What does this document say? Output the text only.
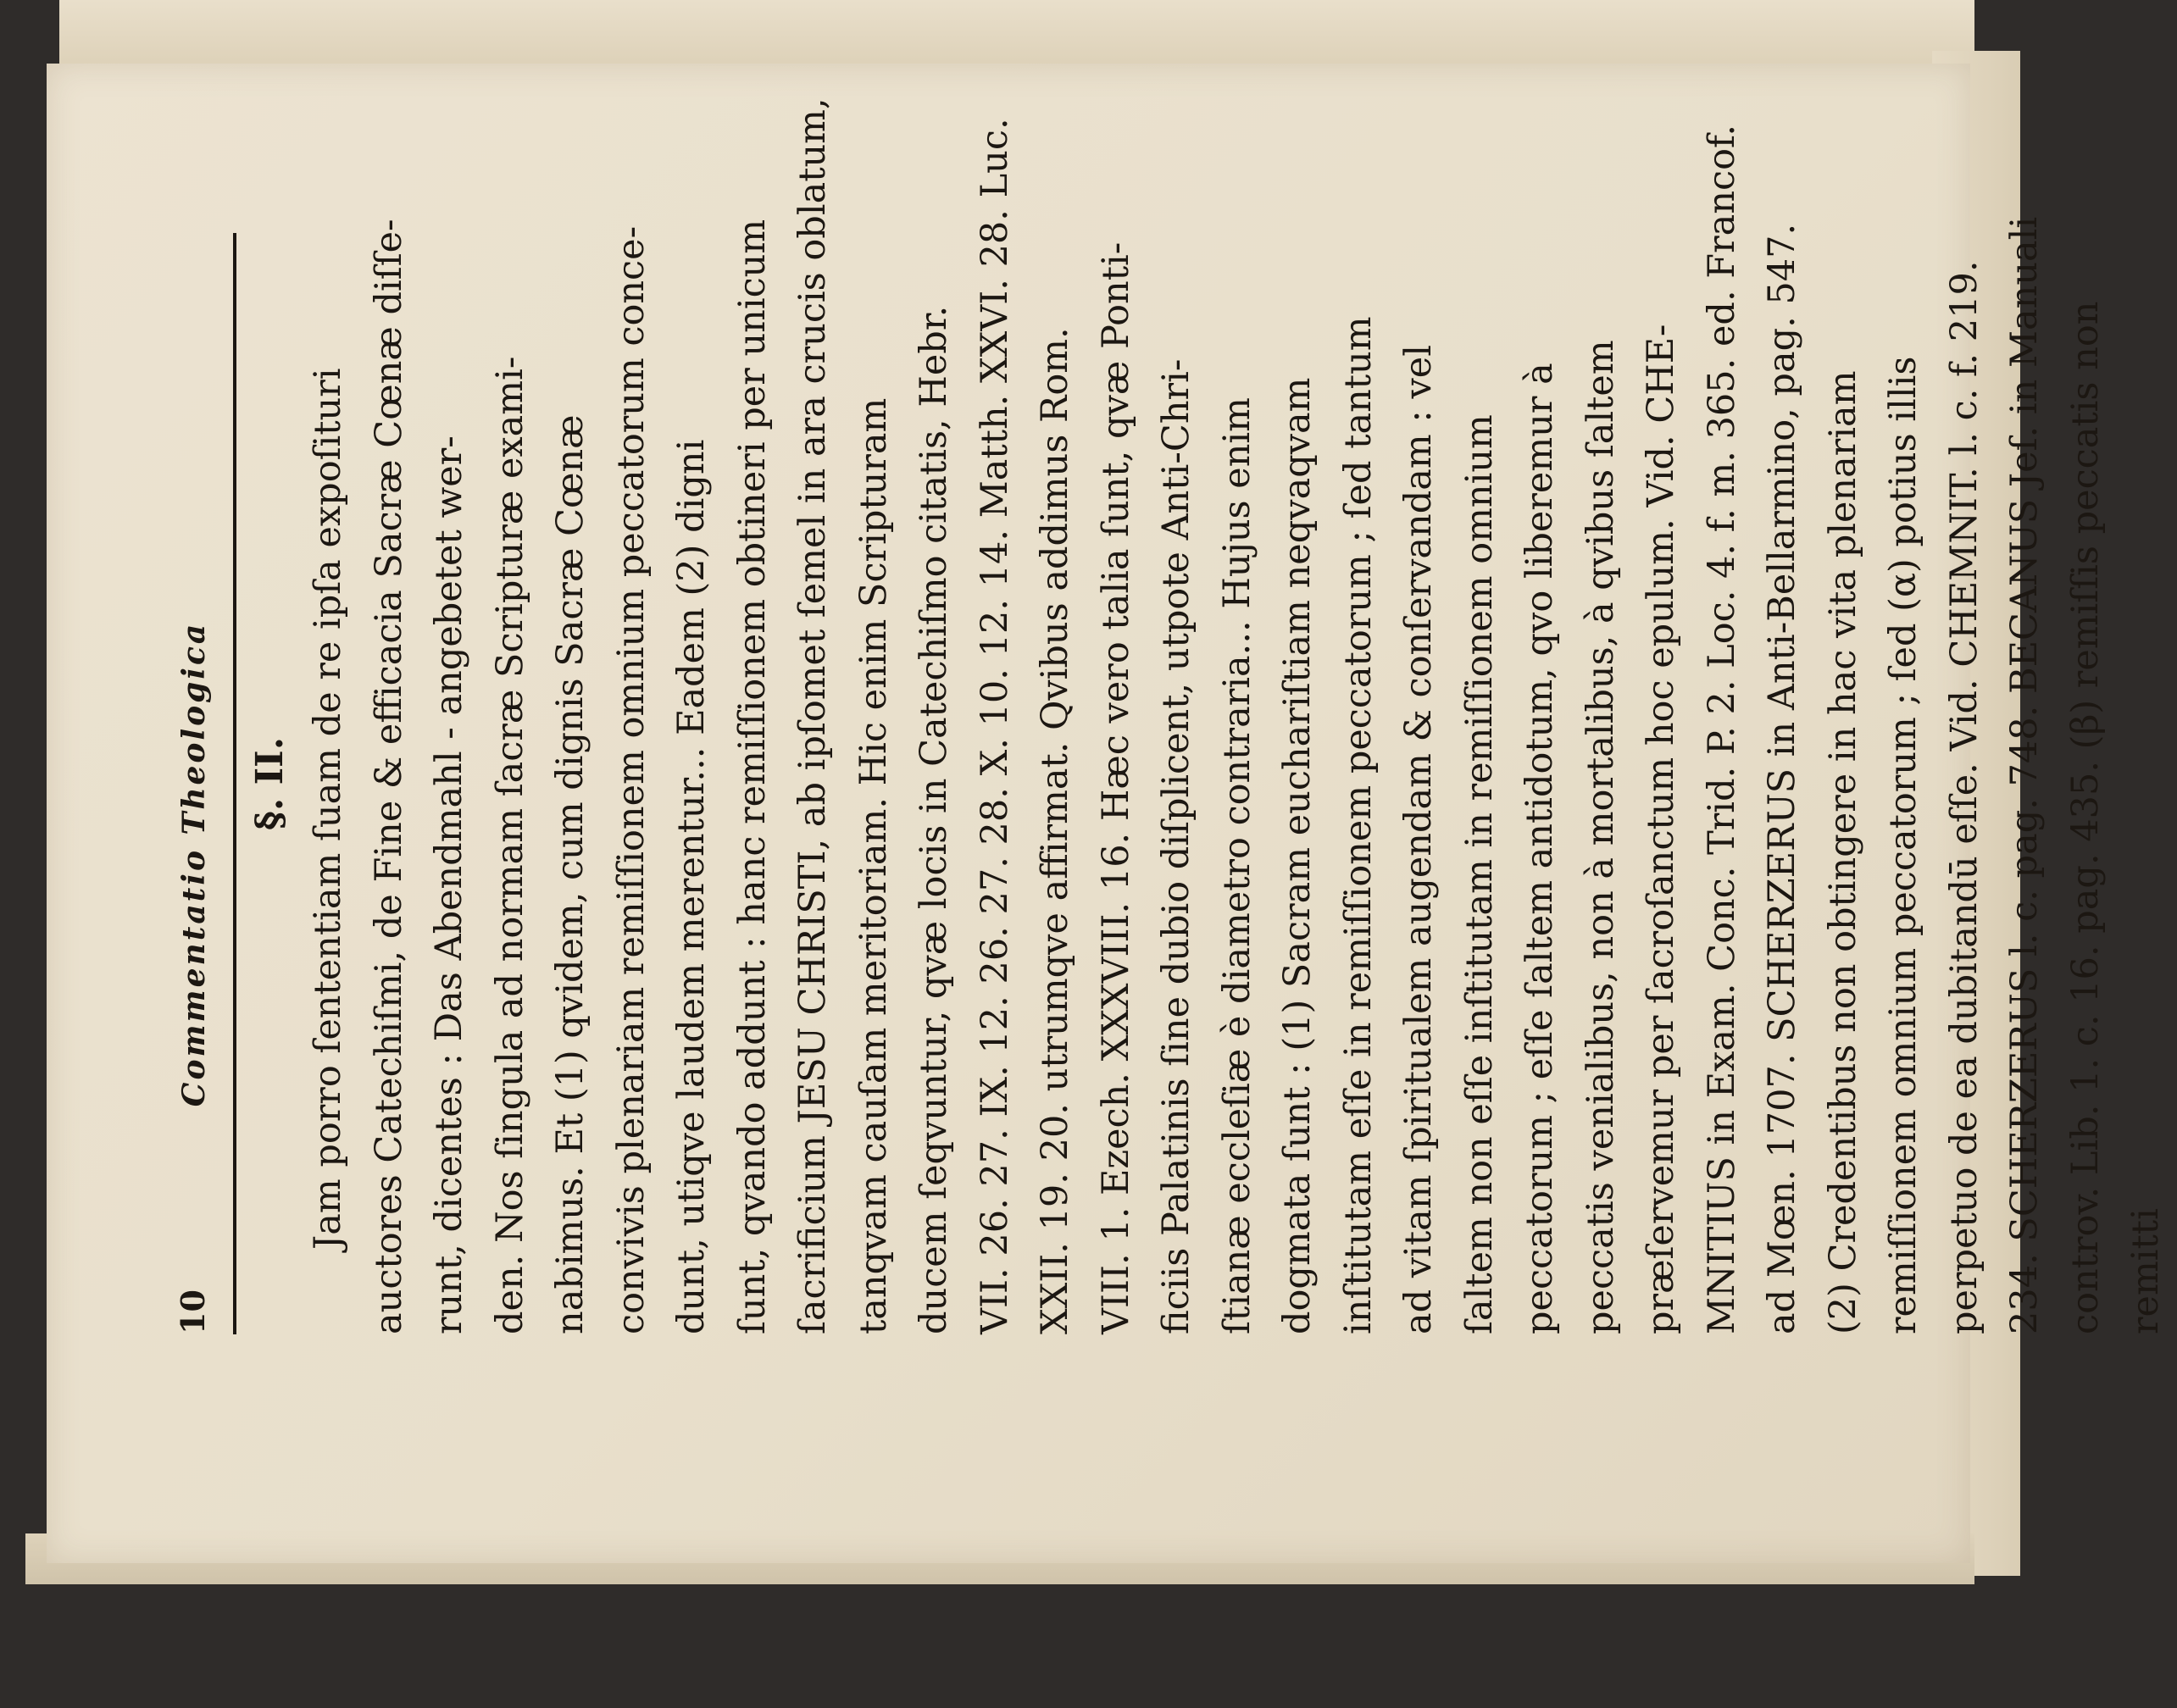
10
Commentatio Theologica §. II. Jam porro ſententiam ſuam de re ipſa expoſituri auctores Catechiſmi, de Fine & efficacia Sacræ Cœnæ diſſe- runt, dicentes : Das Abendmahl - angebetet wer- den. Nos ſingula ad normam ſacræ Scripturæ exami- nabimus. Et (1) qvidem, cum dignis Sacræ Cœnæ convivis plenariam remiſſionem omnium peccatorum conce- dunt, utiqve laudem merentur... Eadem (2) digni ſunt, qvando addunt : hanc remiſſionem obtineri per unicum ſacrificium JESU CHRISTI, ab ipſomet ſemel in ara crucis oblatum, tanqvam cauſam meritoriam. Hic enim Scripturam ducem ſeqvuntur, qvæ locis in Catechiſmo citatis, Hebr. VII. 26. 27. IX. 12. 26. 27. 28. X. 10. 12. 14. Matth. XXVI. 28. Luc. XXII. 19. 20. utrumqve affirmat. Qvibus addimus Rom. VIII. 1. Ezech. XXXVIII. 16. Hæc vero talia ſunt, qvæ Ponti- ficiis Palatinis ſine dubio diſplicent, utpote Anti-Chri- ſtianæ eccleſiæ è diametro contraria... Hujus enim dogmata ſunt : (1) Sacram euchariſtiam neqvaqvam inſtitutam eſſe in remiſſionem peccatorum ; ſed tantum ad vitam ſpiritualem augendam & conſervandam : vel ſaltem non eſſe inſtitutam in remiſſionem omnium peccatorum ; eſſe ſaltem antidotum, qvo liberemur à peccatis venialibus, non à mortalibus, à qvibus ſaltem præſervemur per ſacroſanctum hoc epulum. Vid. CHE- MNITIUS in Exam. Conc. Trid. P. 2. Loc. 4. f. m. 365. ed. Francof. ad Mœn. 1707. SCHERZERUS in Anti-Bellarmino, pag. 547. (2) Credentibus non obtingere in hac vita plenariam remiſſionem omnium peccatorum ; ſed (α) potius illis perpetuo de ea dubitandū eſſe. Vid. CHEMNIT. l. c. f. 219. 234. SCHERZERUS l. c. pag. 748. BECANUS Jeſ. in Manuali controv. Lib. 1. c. 16. pag. 435. (β) remiſſis peccatis non remitti
